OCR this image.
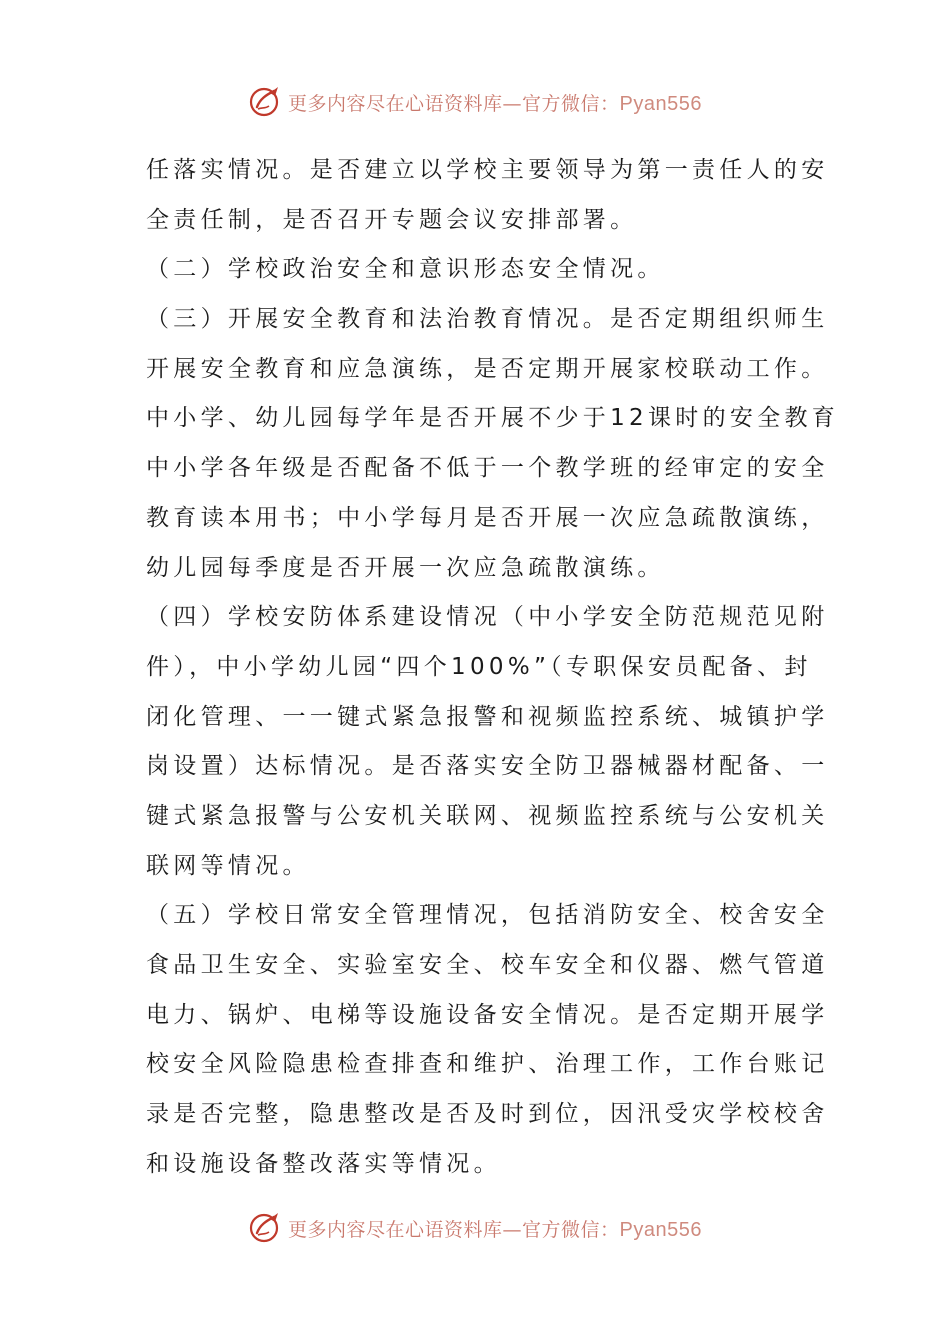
更多内容尽在心语资料库—官方微信：Pyan556
任落实情况。是否建立以学校主要领导为第一责任人的安
全责任制，是否召开专题会议安排部署。
（二）学校政治安全和意识形态安全情况。
（三）开展安全教育和法治教育情况。是否定期组织师生
开展安全教育和应急演练，是否定期开展家校联动工作。
中小学、幼儿园每学年是否开展不少于12课时的安全教育
中小学各年级是否配备不低于一个教学班的经审定的安全
教育读本用书；中小学每月是否开展一次应急疏散演练，
幼儿园每季度是否开展一次应急疏散演练。
（四）学校安防体系建设情况（中小学安全防范规范见附
件），中小学幼儿园“四个100%”（专职保安员配备、封
闭化管理、一一键式紧急报警和视频监控系统、城镇护学
岗设置）达标情况。是否落实安全防卫器械器材配备、一
键式紧急报警与公安机关联网、视频监控系统与公安机关
联网等情况。
（五）学校日常安全管理情况，包括消防安全、校舍安全
食品卫生安全、实验室安全、校车安全和仪器、燃气管道
电力、锅炉、电梯等设施设备安全情况。是否定期开展学
校安全风险隐患检查排查和维护、治理工作，工作台账记
录是否完整，隐患整改是否及时到位，因汛受灾学校校舍
和设施设备整改落实等情况。
更多内容尽在心语资料库—官方微信：Pyan556
